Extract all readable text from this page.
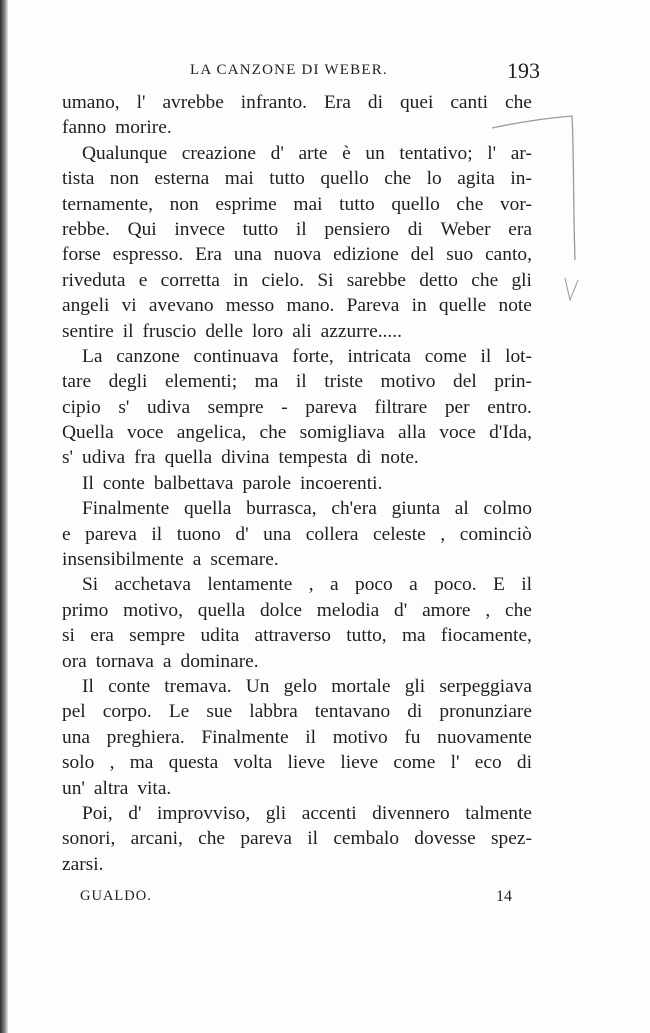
LA CANZONE DI WEBER.	193
umano, l' avrebbe infranto. Era di quei canti che
fanno morire.
Qualunque creazione d' arte è un tentativo; l' ar-
tista non esterna mai tutto quello che lo agita in-
ternamente, non esprime mai tutto quello che vor-
rebbe. Qui invece tutto il pensiero di Weber era
forse espresso. Era una nuova edizione del suo canto,
riveduta e corretta in cielo. Si sarebbe detto che gli
angeli vi avevano messo mano. Pareva in quelle note
sentire il fruscio delle loro ali azzurre.....
La canzone continuava forte, intricata come il lot-
tare degli elementi; ma il triste motivo del prin-
cipio s' udiva sempre - pareva filtrare per entro.
Quella voce angelica, che somigliava alla voce d'Ida,
s' udiva fra quella divina tempesta di note.
Il conte balbettava parole incoerenti.
Finalmente quella burrasca, ch'era giunta al colmo
e pareva il tuono d' una collera celeste , cominciò
insensibilmente a scemare.
Si acchetava lentamente , a poco a poco. E il
primo motivo, quella dolce melodia d' amore , che
si era sempre udita attraverso tutto, ma fiocamente,
ora tornava a dominare.
Il conte tremava. Un gelo mortale gli serpeggiava
pel corpo. Le sue labbra tentavano di pronunziare
una preghiera. Finalmente il motivo fu nuovamente
solo , ma questa volta lieve lieve come l' eco di
un' altra vita.
Poi, d' improvviso, gli accenti divennero talmente
sonori, arcani, che pareva il cembalo dovesse spez-
zarsi.
GUALDO.	14
